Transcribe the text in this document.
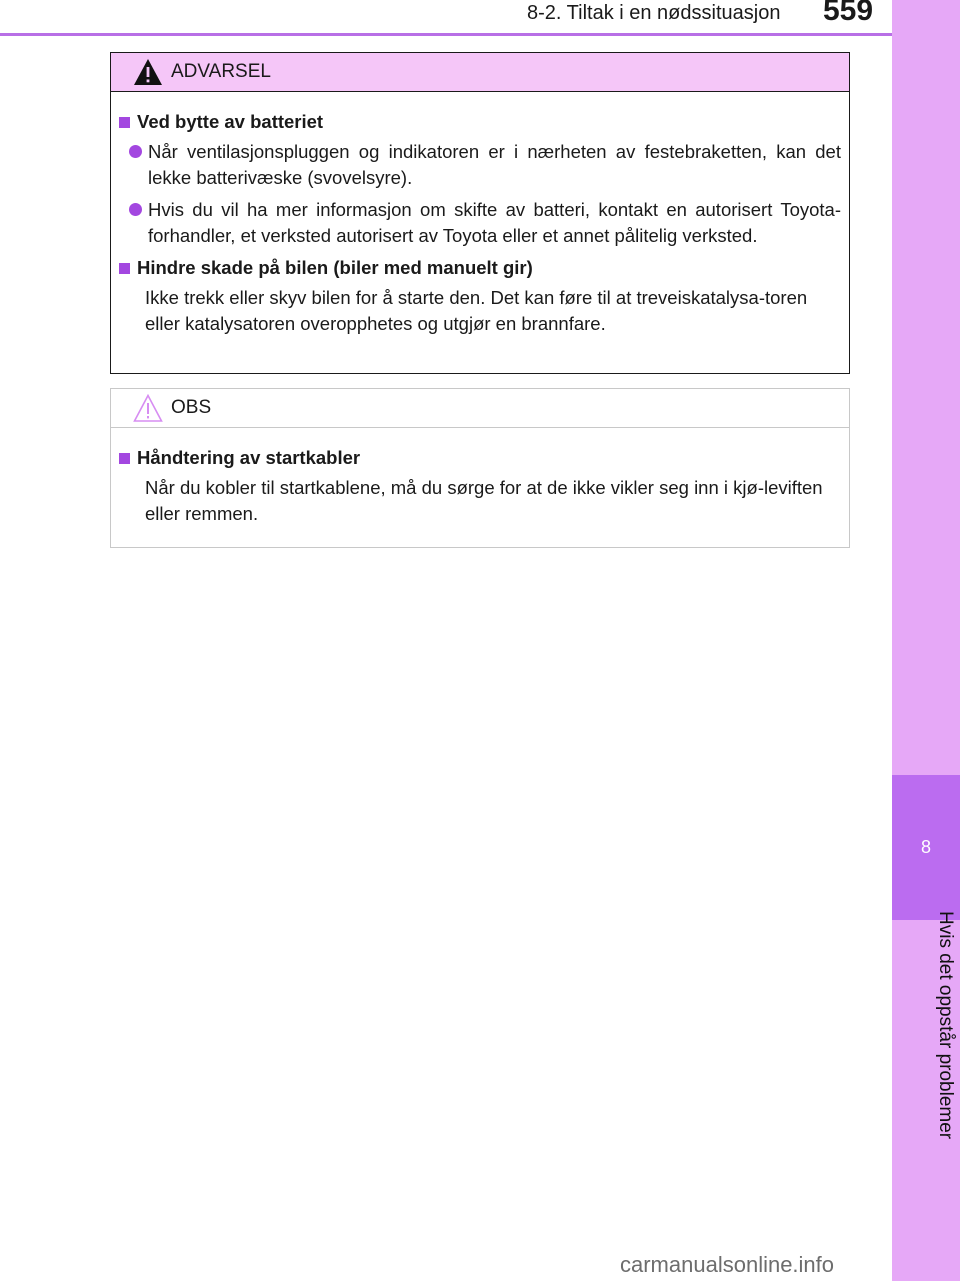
8-2. Tiltak i en nødssituasjon 559
8
Hvis det oppstår problemer
ADVARSEL
Ved bytte av batteriet
Når ventilasjonspluggen og indikatoren er i nærheten av festebraketten, kan det lekke batterivæske (svovelsyre).
Hvis du vil ha mer informasjon om skifte av batteri, kontakt en autorisert Toyota-forhandler, et verksted autorisert av Toyota eller et annet pålitelig verksted.
Hindre skade på bilen (biler med manuelt gir)
Ikke trekk eller skyv bilen for å starte den. Det kan føre til at treveiskatalysa-toren eller katalysatoren overopphetes og utgjør en brannfare.
OBS
Håndtering av startkabler
Når du kobler til startkablene, må du sørge for at de ikke vikler seg inn i kjø-leviften eller remmen.
carmanualsonline.info
